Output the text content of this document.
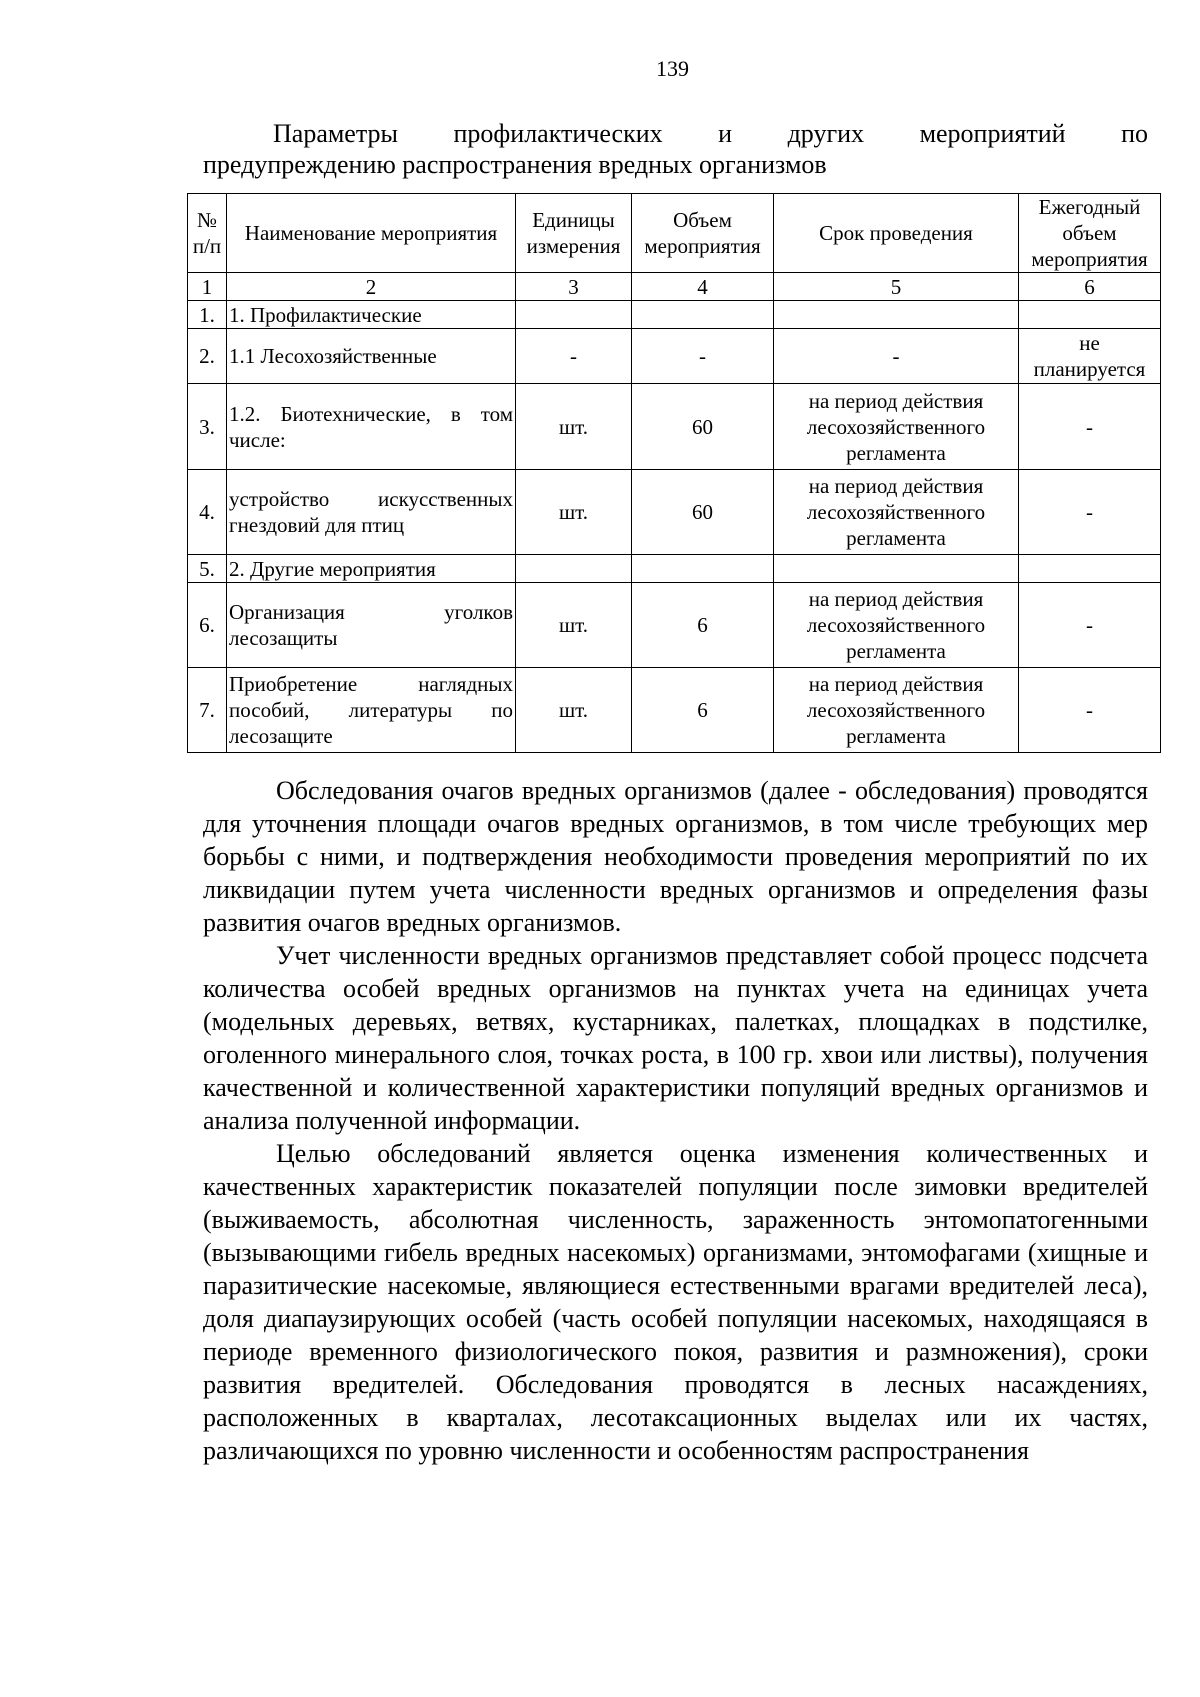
139
Параметры профилактических и других мероприятий по
предупреждению распространения вредных организмов
№ п/п	Наименование мероприятия	Единицы измерения	Объем мероприятия	Срок проведения	Ежегодный объем мероприятия
1	2	3	4	5	6
1.	1. Профилактические				
2.	1.1 Лесохозяйственные	-	-	-	не планируется
3.	1.2. Биотехнические, в том числе:	шт.	60	на период действия лесохозяйственного регламента	-
4.	устройство искусственных гнездовий для птиц	шт.	60	на период действия лесохозяйственного регламента	-
5.	2. Другие мероприятия				
6.	Организация уголков лесозащиты	шт.	6	на период действия лесохозяйственного регламента	-
7.	Приобретение наглядных пособий, литературы по лесозащите	шт.	6	на период действия лесохозяйственного регламента	-

Обследования очагов вредных организмов (далее - обследования) проводятся для уточнения площади очагов вредных организмов, в том числе требующих мер борьбы с ними, и подтверждения необходимости проведения мероприятий по их ликвидации путем учета численности вредных организмов и определения фазы развития очагов вредных организмов.

Учет численности вредных организмов представляет собой процесс подсчета количества особей вредных организмов на пунктах учета на единицах учета (модельных деревьях, ветвях, кустарниках, палетках, площадках в подстилке, оголенного минерального слоя, точках роста, в 100 гр. хвои или листвы), получения качественной и количественной характеристики популяций вредных организмов и анализа полученной информации.

Целью обследований является оценка изменения количественных и качественных характеристик показателей популяции после зимовки вредителей (выживаемость, абсолютная численность, зараженность энтомопатогенными (вызывающими гибель вредных насекомых) организмами, энтомофагами (хищные и паразитические насекомые, являющиеся естественными врагами вредителей леса), доля диапаузирующих особей (часть особей популяции насекомых, находящаяся в периоде временного физиологического покоя, развития и размножения), сроки развития вредителей. Обследования проводятся в лесных насаждениях, расположенных в кварталах, лесотаксационных выделах или их частях, различающихся по уровню численности и особенностям распространения
